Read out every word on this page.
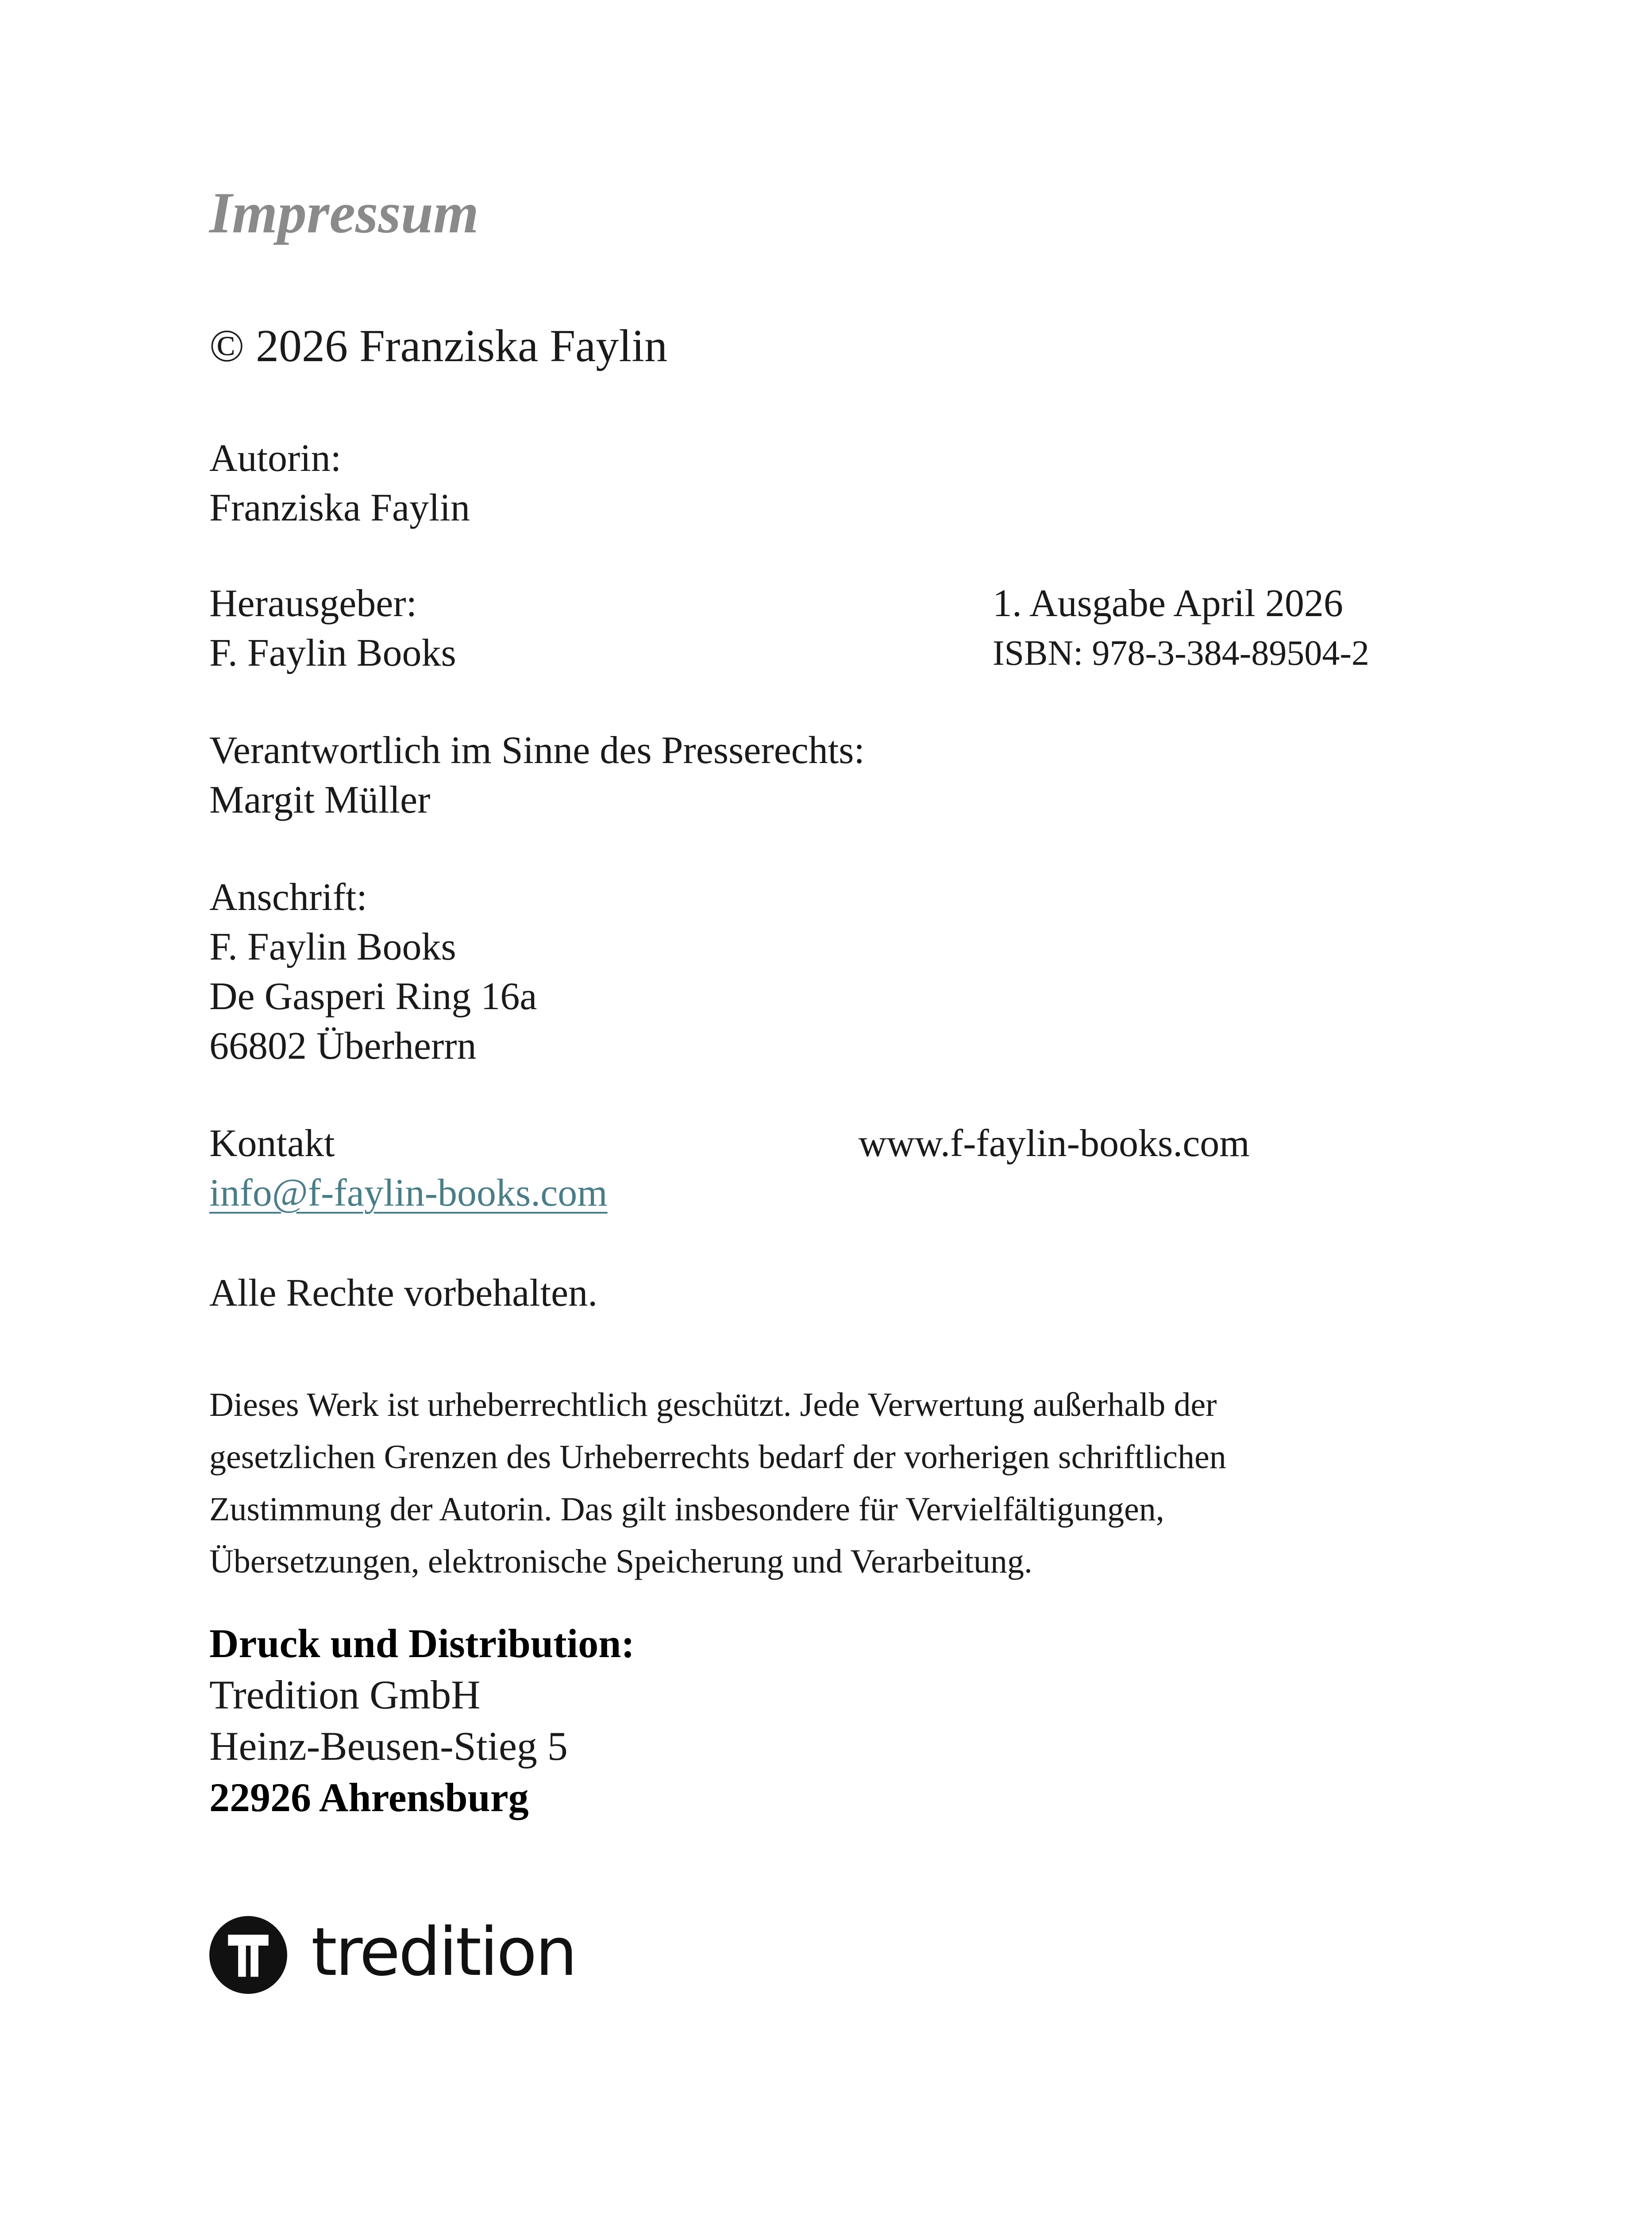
Impressum
© 2026 Franziska Faylin
Autorin:
Franziska Faylin
Herausgeber:
F. Faylin Books
1. Ausgabe April 2026
ISBN: 978-3-384-89504-2
Verantwortlich im Sinne des Presserechts:
Margit Müller
Anschrift:
F. Faylin Books
De Gasperi Ring 16a
66802 Überherrn
Kontakt
info@f-faylin-books.com
www.f-faylin-books.com
Alle Rechte vorbehalten.
Dieses Werk ist urheberrechtlich geschützt. Jede Verwertung außerhalb der
gesetzlichen Grenzen des Urheberrechts bedarf der vorherigen schriftlichen
Zustimmung der Autorin. Das gilt insbesondere für Vervielfältigungen,
Übersetzungen, elektronische Speicherung und Verarbeitung.
Druck und Distribution:
Tredition GmbH
Heinz-Beusen-Stieg 5
22926 Ahrensburg
tredition
